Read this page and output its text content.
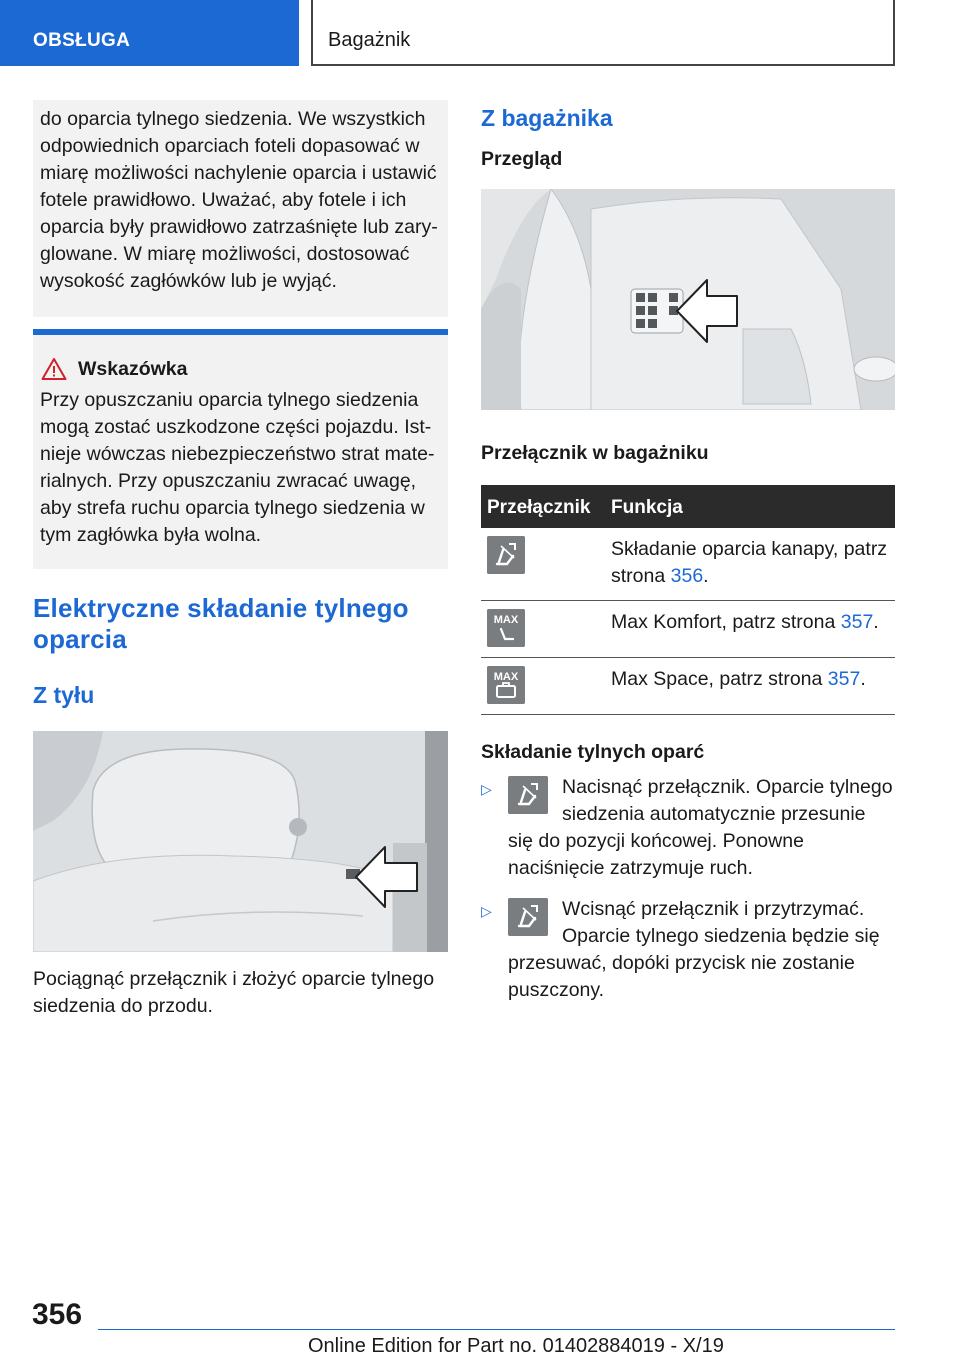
OBSŁUGA	Bagażnik

do oparcia tylnego siedzenia. We wszystkich odpowiednich oparciach foteli dopasować w miarę możliwości nachylenie oparcia i ustawić fotele prawidłowo. Uważać, aby fotele i ich oparcia były prawidłowo zatrzaśnięte lub zaryglowane. W miarę możliwości, dostosować wysokość zagłówków lub je wyjąć.

Wskazówka

Przy opuszczaniu oparcia tylnego siedzenia mogą zostać uszkodzone części pojazdu. Istnieje wówczas niebezpieczeństwo strat materialnych. Przy opuszczaniu zwracać uwagę, aby strefa ruchu oparcia tylnego siedzenia w tym zagłówka była wolna.

Elektryczne składanie tylnego oparcia
Z tyłu

Pociągnąć przełącznik i złożyć oparcie tylnego siedzenia do przodu.

Z bagażnika
Przegląd
Przełącznik w bagażniku
Przełącznik	Funkcja

	Składanie oparcia kanapy, patrz strona 356.

MAX	Max Komfort, patrz strona 357.

MAX	Max Space, patrz strona 357.
Składanie tylnych oparć
▷	Nacisnąć przełącznik. Oparcie tylnego siedzenia automatycznie przesunie się do pozycji końcowej. Ponowne naciśnięcie zatrzymuje ruch.
▷	Wcisnąć przełącznik i przytrzymać. Oparcie tylnego siedzenia będzie się przesuwać, dopóki przycisk nie zostanie puszczony.
356
Online Edition for Part no. 01402884019 - X/19
